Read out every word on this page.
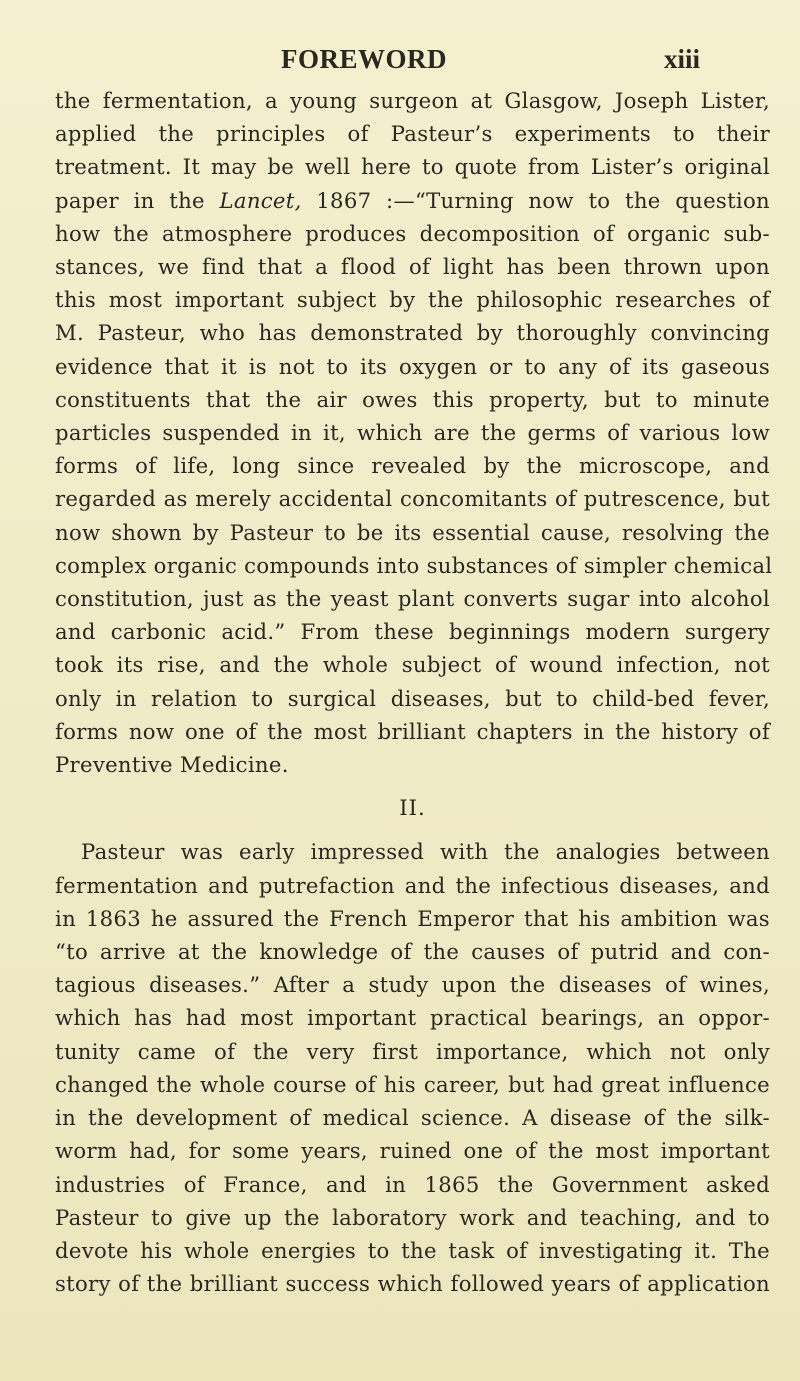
FOREWORD	xiii
the fermentation, a young surgeon at Glasgow, Joseph Lister,
applied the principles of Pasteur’s experiments to their
treatment. It may be well here to quote from Lister’s original
paper in the Lancet, 1867 :—“Turning now to the question
how the atmosphere produces decomposition of organic sub-
stances, we find that a flood of light has been thrown upon
this most important subject by the philosophic researches of
M. Pasteur, who has demonstrated by thoroughly convincing
evidence that it is not to its oxygen or to any of its gaseous
constituents that the air owes this property, but to minute
particles suspended in it, which are the germs of various low
forms of life, long since revealed by the microscope, and
regarded as merely accidental concomitants of putrescence, but
now shown by Pasteur to be its essential cause, resolving the
complex organic compounds into substances of simpler chemical
constitution, just as the yeast plant converts sugar into alcohol
and carbonic acid.” From these beginnings modern surgery
took its rise, and the whole subject of wound infection, not
only in relation to surgical diseases, but to child-bed fever,
forms now one of the most brilliant chapters in the history of
Preventive Medicine.
II.
Pasteur was early impressed with the analogies between
fermentation and putrefaction and the infectious diseases, and
in 1863 he assured the French Emperor that his ambition was
“to arrive at the knowledge of the causes of putrid and con-
tagious diseases.” After a study upon the diseases of wines,
which has had most important practical bearings, an oppor-
tunity came of the very first importance, which not only
changed the whole course of his career, but had great influence
in the development of medical science. A disease of the silk-
worm had, for some years, ruined one of the most important
industries of France, and in 1865 the Government asked
Pasteur to give up the laboratory work and teaching, and to
devote his whole energies to the task of investigating it. The
story of the brilliant success which followed years of application
